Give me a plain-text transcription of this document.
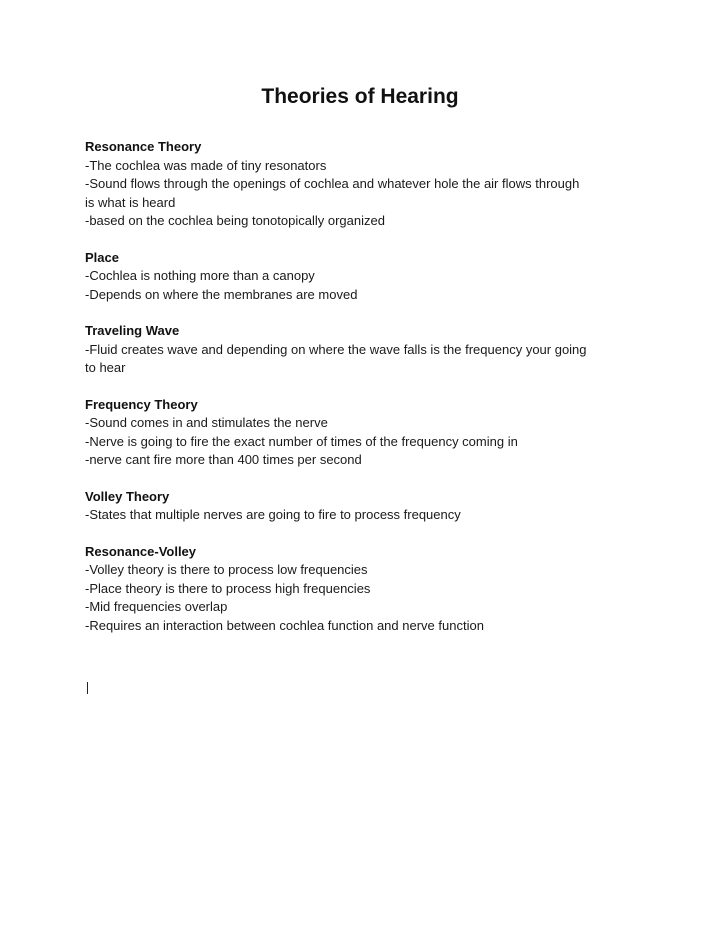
Theories of Hearing

Resonance Theory

-The cochlea was made of tiny resonators

-Sound flows through the openings of cochlea and whatever hole the air flows through

is what is heard

-based on the cochlea being tonotopically organized

Place

-Cochlea is nothing more than a canopy

-Depends on where the membranes are moved

Traveling Wave

-Fluid creates wave and depending on where the wave falls is the frequency your going

to hear

Frequency Theory

-Sound comes in and stimulates the nerve

-Nerve is going to fire the exact number of times of the frequency coming in

-nerve cant fire more than 400 times per second

Volley Theory

-States that multiple nerves are going to fire to process frequency

Resonance-Volley

-Volley theory is there to process low frequencies

-Place theory is there to process high frequencies

-Mid frequencies overlap

-Requires an interaction between cochlea function and nerve function
